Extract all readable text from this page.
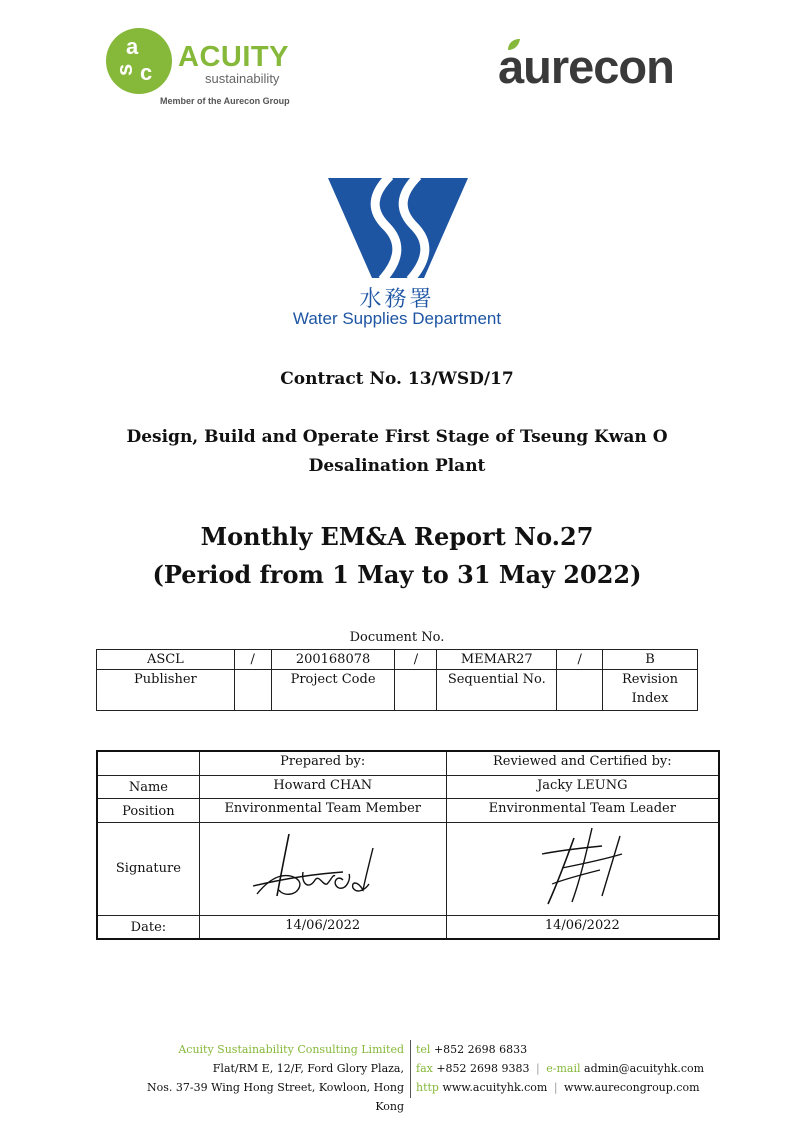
a
s c ACUITY
sustainability
Member of the Aurecon Group
aurecon
水務署
Water Supplies Department
Contract No. 13/WSD/17
Design, Build and Operate First Stage of Tseung Kwan O
Desalination Plant
Monthly EM&A Report No.27
(Period from 1 May to 31 May 2022)
Document No.
ASCL	/	200168078	/	MEMAR27	/	B
Publisher		Project Code		Sequential No.		Revision Index
	Prepared by:	Reviewed and Certified by:
Name	Howard CHAN	Jacky LEUNG
Position	Environmental Team Member	Environmental Team Leader
Signature		
Date:	14/06/2022	14/06/2022
Acuity Sustainability Consulting Limited
Flat/RM E, 12/F, Ford Glory Plaza,
Nos. 37-39 Wing Hong Street, Kowloon, Hong Kong
tel +852 2698 6833
fax +852 2698 9383 | e-mail admin@acuityhk.com
http www.acuityhk.com | www.aurecongroup.com
